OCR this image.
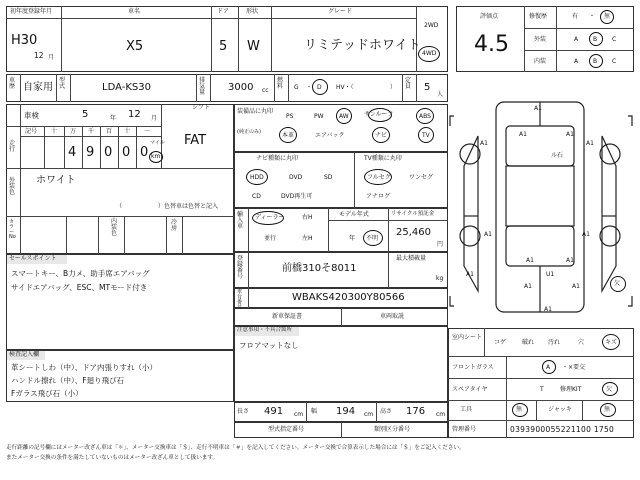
初年度登録年月	車名	ドア	形状	グレード
H30
12 月
X5	5 W	リミテッドホワイト
2WD
4WD
評価点
4.5
修復歴	有 ・ 無
外装	A B C
内装	A B C
車歴 自家用
型式	LDA-KS30
排気量 3000 cc
燃料	G ・ D HV・（	）
定員 5
人
車検	5	年 12 月
シフト
FAT
走行
記号 十 万 千 百 十 一
4 9 0 0 0
マイル
km
外装色
ホワイト
（　　　　　　）色替車は色替と記入
カラーNo
内装色
冷房
装備品に丸印
(純正のみ)
PS	PW	AW	サンルーフ	ABS
本革	エアバック	ナビ	TV
ナビ種類に丸印
HDD	DVD	SD
CD	DVD再生可
TV種類に丸印
フルセグ	ワンセグ
アナログ
輸入車
ディーラー	右H
並行	左H
モデル年式
年 不明
リサイクル預託金
25,460
円
登録番号
前橋310そ8011
最大積載量
kg
車台番号
WBAKS420300Y80566
新車保証書	車両取説
セールスポイント
スマートキー、B力メ、助手席エアバッグ
サイドエアバッグ、ESC、MTモード付き
注意事項・不具合箇所
フロアマットなし
検査記入欄
革シートしわ（中）、ドア内張りすれ（小）
ハンドル擦れ（中）、F廻り飛び石
Fガラス飛び石（小）
長さ 491 cm 幅 194 cm 高さ 176 cm
型式指定番号	類別区分番号
A1
A1	A1
ル石
A1	A1
A1	A1
A1	A1
U1
A1	A1
A1
A1
欠
室内シート
コゲ	破れ 汚れ	穴	キズ
フロントガラス	A ・×要交
スペアタイヤ	T	修理KIT	欠
工具	無	ジャッキ	無
管理番号	0393900055221100 1750
走行距離の記号欄にはメーター改ざん車は「＊」、メーター交換車は「＄」、走行不明車は「＃」を記入してください。メーター交換で合算表示した場合には「＄」をご記入ください。
またメーター交換の条件を満たしていないものはメーター改ざん車として扱います。
